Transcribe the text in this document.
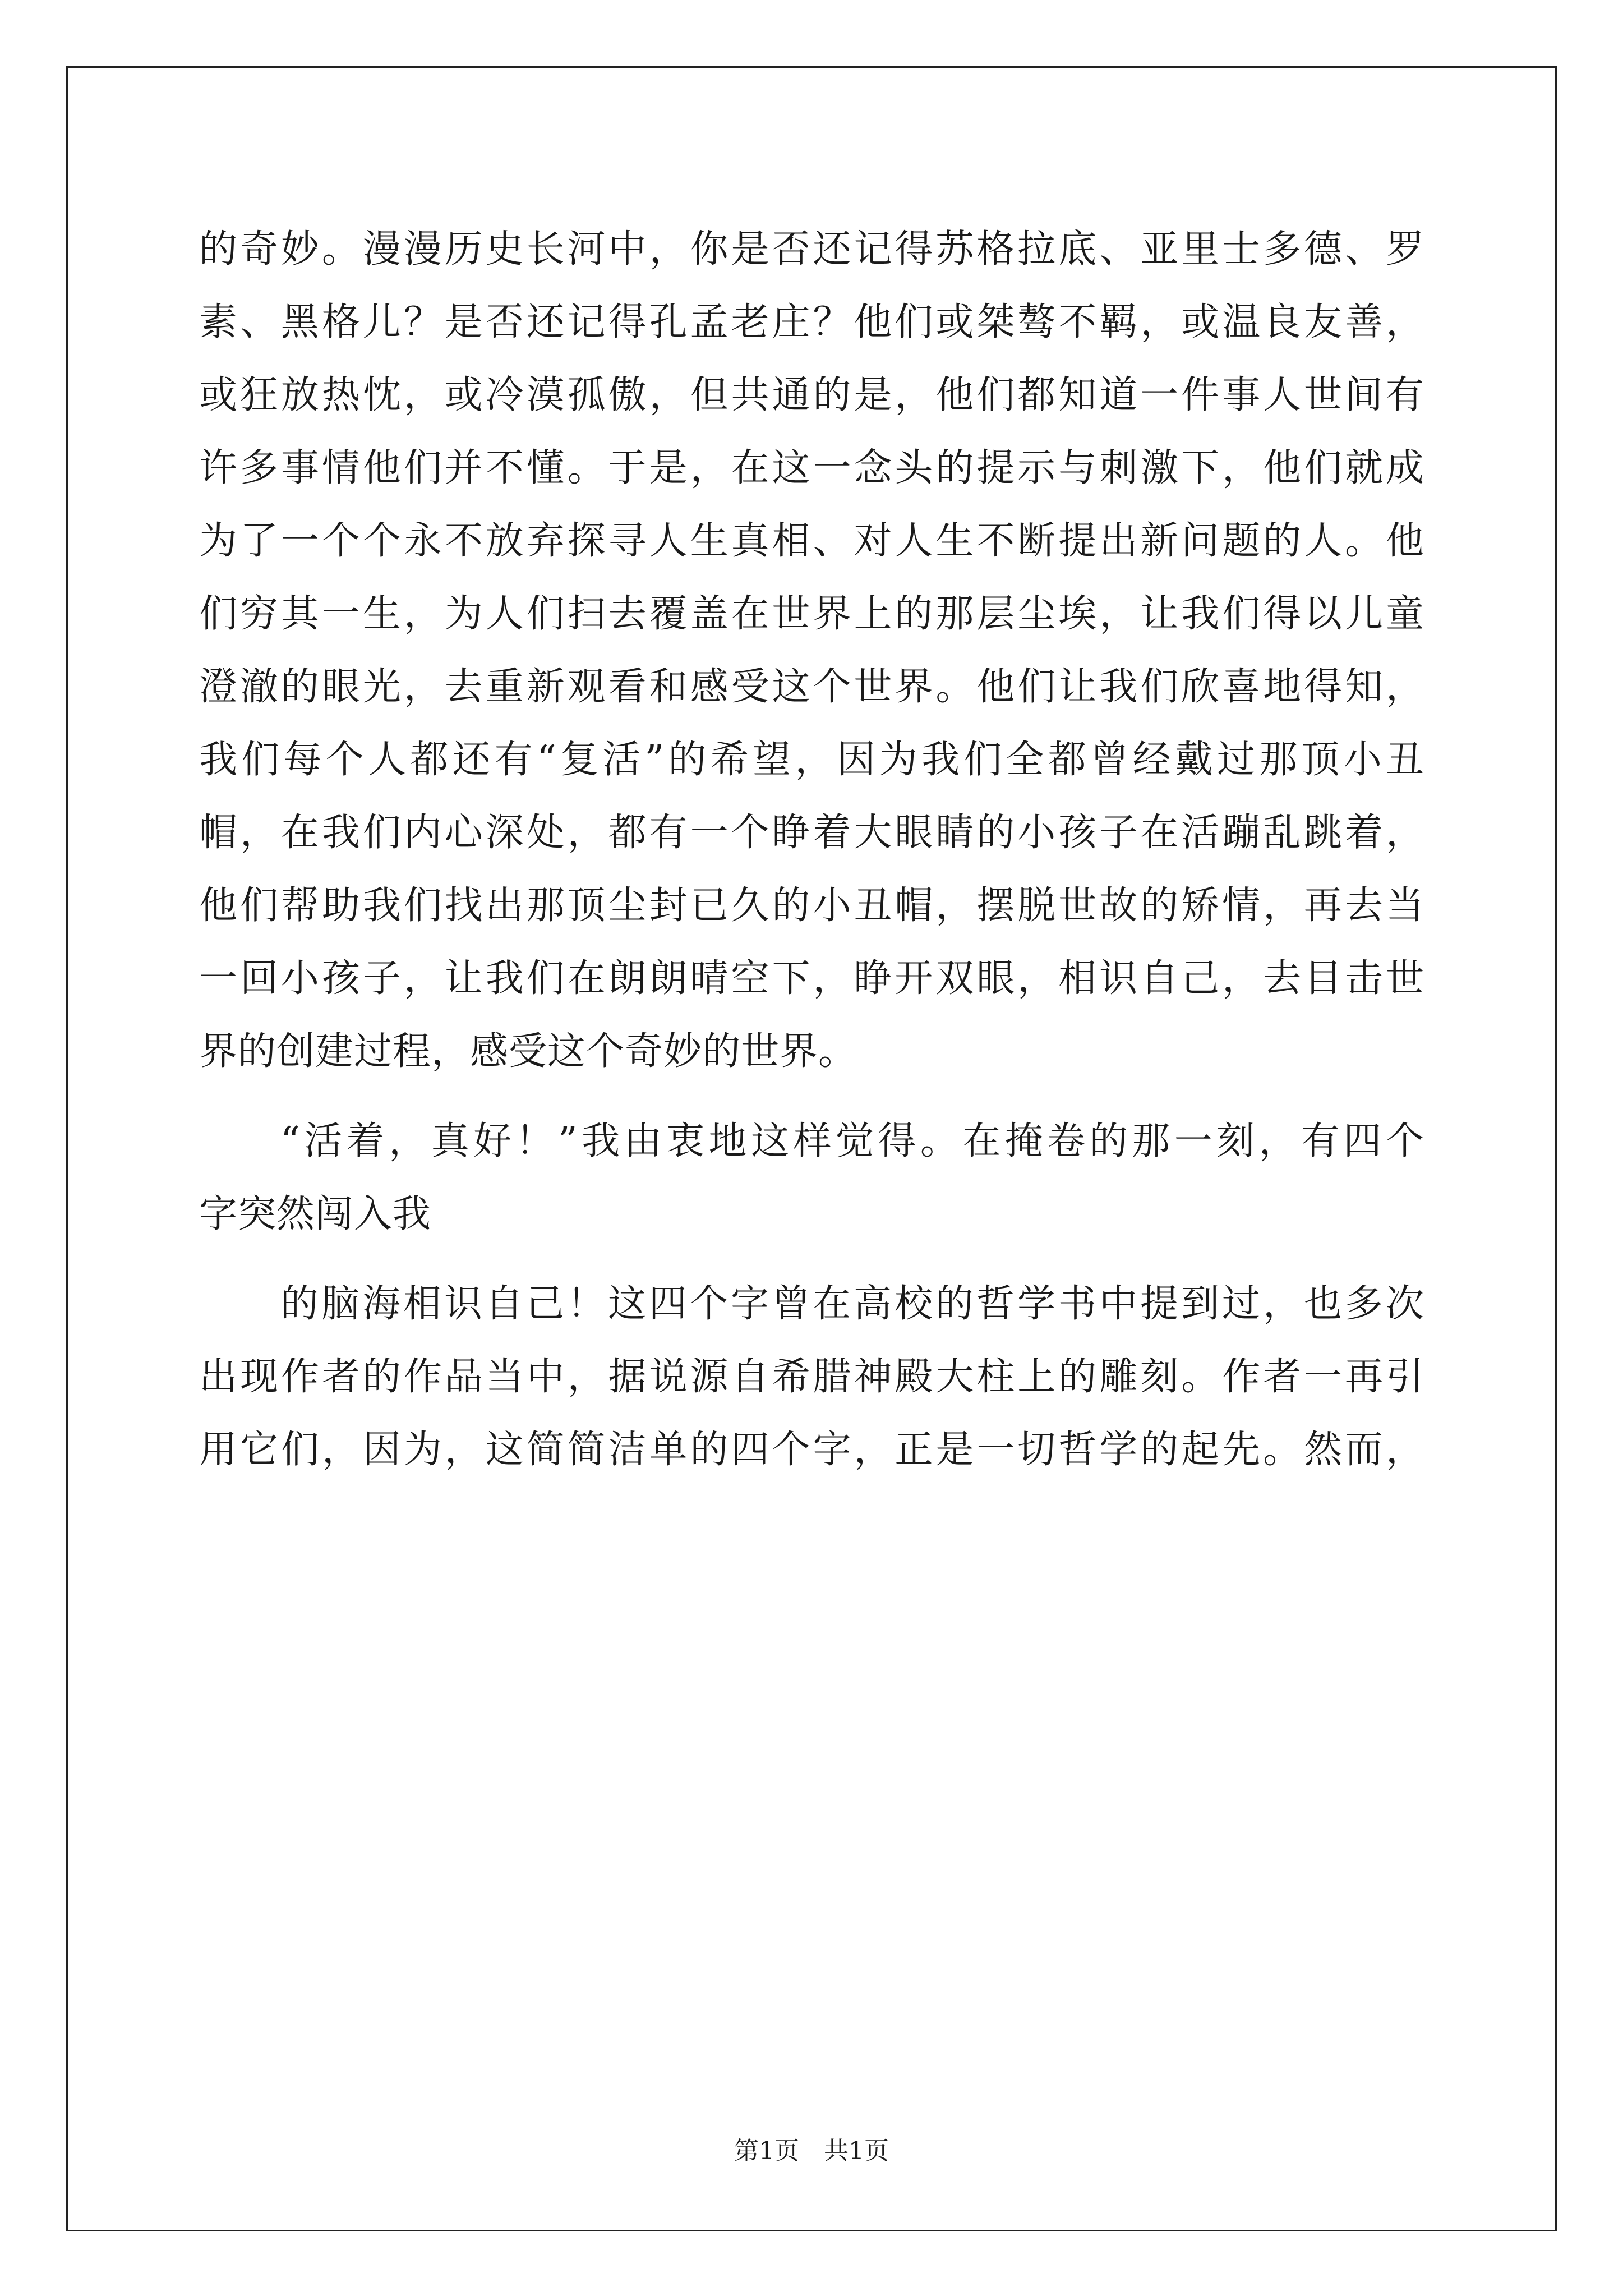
的奇妙。漫漫历史长河中，你是否还记得苏格拉底、亚里士多德、罗
素、黑格儿？是否还记得孔孟老庄？他们或桀骜不羁，或温良友善，
或狂放热忱，或冷漠孤傲，但共通的是，他们都知道一件事人世间有
许多事情他们并不懂。于是，在这一念头的提示与刺激下，他们就成
为了一个个永不放弃探寻人生真相、对人生不断提出新问题的人。他
们穷其一生，为人们扫去覆盖在世界上的那层尘埃，让我们得以儿童
澄澈的眼光，去重新观看和感受这个世界。他们让我们欣喜地得知，
我们每个人都还有“复活”的希望，因为我们全都曾经戴过那顶小丑
帽，在我们内心深处，都有一个睁着大眼睛的小孩子在活蹦乱跳着，
他们帮助我们找出那顶尘封已久的小丑帽，摆脱世故的矫情，再去当
一回小孩子，让我们在朗朗晴空下，睁开双眼，相识自己，去目击世
界的创建过程，感受这个奇妙的世界。
“活着，真好！”我由衷地这样觉得。在掩卷的那一刻，有四个
字突然闯入我
的脑海相识自己！这四个字曾在高校的哲学书中提到过，也多次
出现作者的作品当中，据说源自希腊神殿大柱上的雕刻。作者一再引
用它们，因为，这简简洁单的四个字，正是一切哲学的起先。然而，
第1页　共1页
